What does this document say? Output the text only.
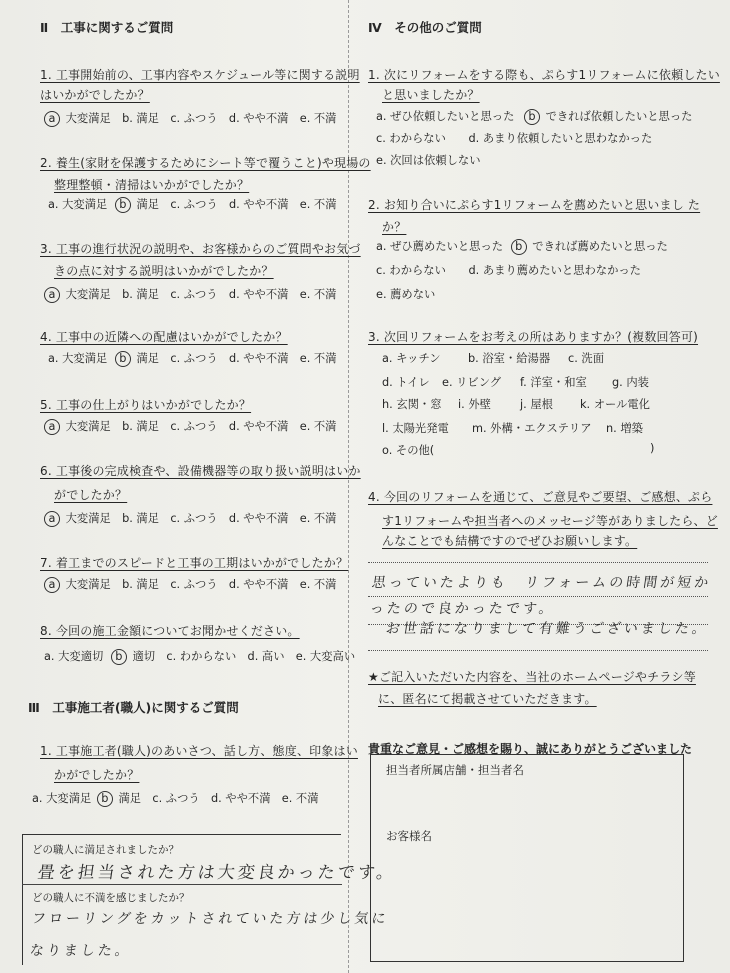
Ⅱ　工事に関するご質問
1. 工事開始前の、工事内容やスケジュール等に関する説明
はいかがでしたか？
a 大変満足　b. 満足　c. ふつう　d. やや不満　e. 不満
2. 養生(家財を保護するためにシート等で覆うこと)や現場の
整理整頓・清掃はいかがでしたか？
a. 大変満足 b 満足　c. ふつう　d. やや不満　e. 不満
3. 工事の進行状況の説明や、お客様からのご質問やお気づ
きの点に対する説明はいかがでしたか？
a 大変満足　b. 満足　c. ふつう　d. やや不満　e. 不満
4. 工事中の近隣への配慮はいかがでしたか？
a. 大変満足 b 満足　c. ふつう　d. やや不満　e. 不満
5. 工事の仕上がりはいかがでしたか？
a 大変満足　b. 満足　c. ふつう　d. やや不満　e. 不満
6. 工事後の完成検査や、設備機器等の取り扱い説明はいか
がでしたか？
a 大変満足　b. 満足　c. ふつう　d. やや不満　e. 不満
7. 着工までのスピードと工事の工期はいかがでしたか？
a 大変満足　b. 満足　c. ふつう　d. やや不満　e. 不満
8. 今回の施工金額についてお聞かせください。
a. 大変適切 b 適切　c. わからない　d. 高い　e. 大変高い
Ⅲ　工事施工者(職人)に関するご質問
1. 工事施工者(職人)のあいさつ、話し方、態度、印象はい
かがでしたか？
a. 大変満足 b 満足　c. ふつう　d. やや不満　e. 不満
どの職人に満足されましたか？
畳を担当された方は大変良かったです。
どの職人に不満を感じましたか？
フローリングをカットされていた方は少し気に
なりました。
Ⅳ　その他のご質問
1. 次にリフォームをする際も、ぷらす1リフォームに依頼したい
と思いましたか？
a. ぜひ依頼したいと思った b できれば依頼したいと思った
c. わからない　　d. あまり依頼したいと思わなかった
e. 次回は依頼しない
2. お知り合いにぷらす1リフォームを薦めたいと思いまし た
か？
a. ぜひ薦めたいと思った b できれば薦めたいと思った
c. わからない　　d. あまり薦めたいと思わなかった
e. 薦めない
3. 次回リフォームをお考えの所はありますか？(複数回答可)
a. キッチン b. 浴室・給湯器 c. 洗面
d. トイレ e. リビング f. 洋室・和室 g. 内装
h. 玄関・窓 i. 外壁	j. 屋根 k. オール電化
l. 太陽光発電 m. 外構・エクステリア n. 増築
o. その他(	)
4. 今回のリフォームを通じて、ご意見やご要望、ご感想、ぷら
す1リフォームや担当者へのメッセージ等がありましたら、ど
んなことでも結構ですのでぜひお願いします。
思っていたよりも　リフォームの時間が短か
ったので良かったです。
お世話になりまして有難うございました。
★ご記入いただいた内容を、当社のホームページやチラシ等
に、匿名にて掲載させていただきます。
貴重なご意見・ご感想を賜り、誠にありがとうございました
担当者所属店舗・担当者名
お客様名
